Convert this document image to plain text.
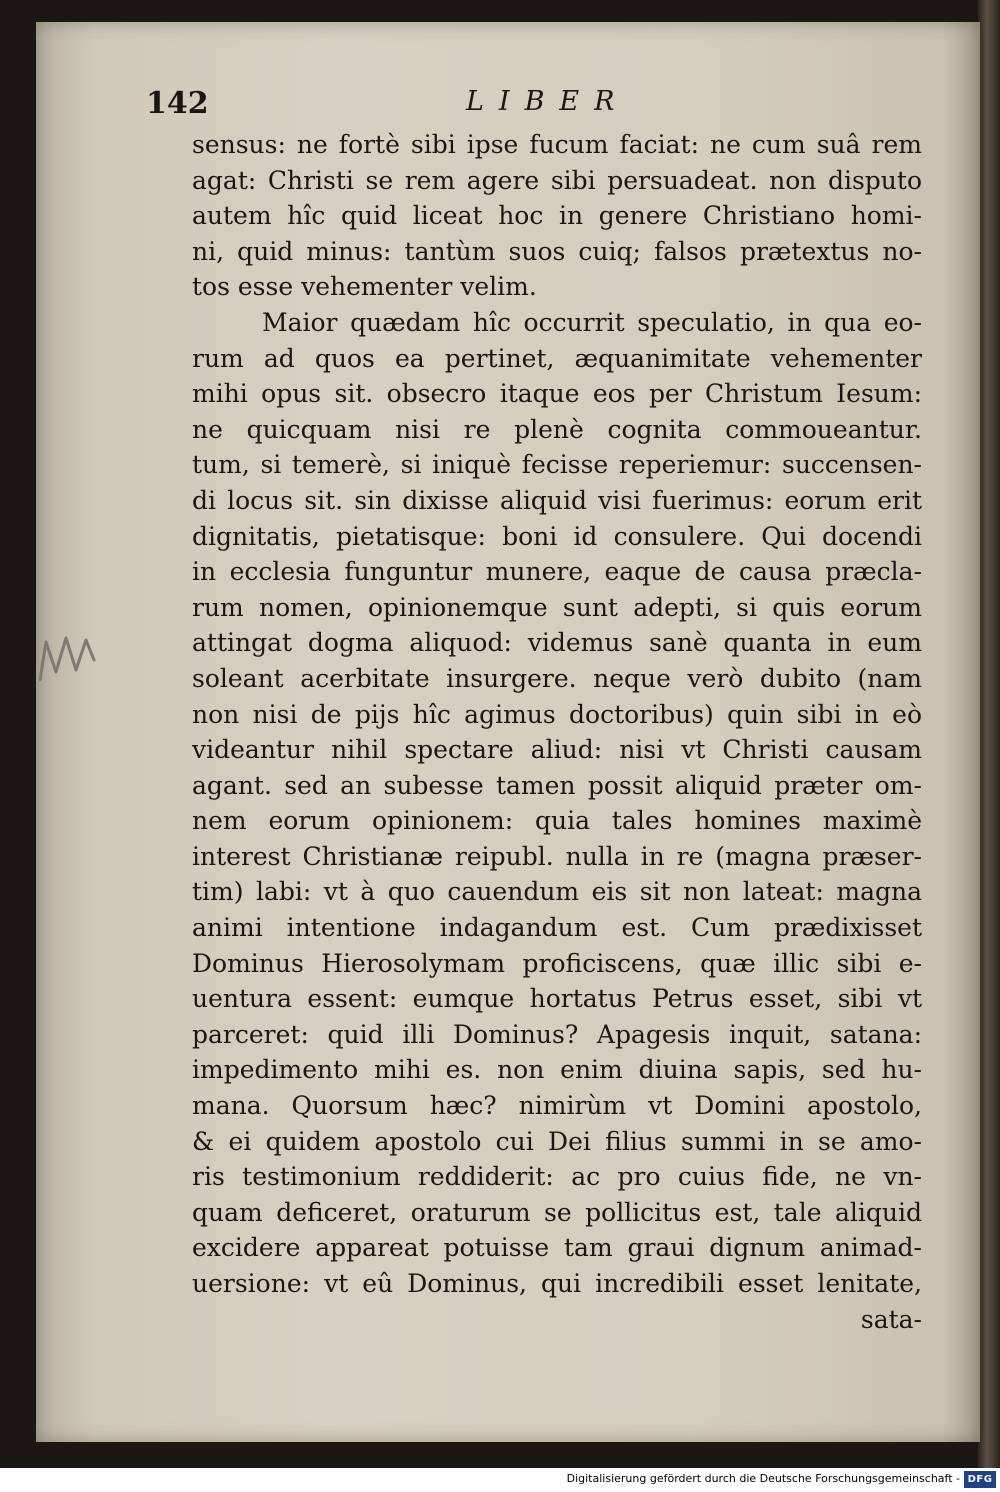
142	LIBER
sensus: ne fortè sibi ipse fucum faciat: ne cum suâ rem
agat: Christi se rem agere sibi persuadeat. non disputo
autem hîc quid liceat hoc in genere Christiano homi-
ni, quid minus: tantùm suos cuiq; falsos prætextus no-
tos esse vehementer velim.
Maior quædam hîc occurrit speculatio, in qua eo-
rum ad quos ea pertinet, æquanimitate vehementer
mihi opus sit. obsecro itaque eos per Christum Iesum:
ne quicquam nisi re plenè cognita commoueantur.
tum, si temerè, si iniquè fecisse reperiemur: succensen-
di locus sit. sin dixisse aliquid visi fuerimus: eorum erit
dignitatis, pietatisque: boni id consulere. Qui docendi
in ecclesia funguntur munere, eaque de causa præcla-
rum nomen, opinionemque sunt adepti, si quis eorum
attingat dogma aliquod: videmus sanè quanta in eum
soleant acerbitate insurgere. neque verò dubito (nam
non nisi de pijs hîc agimus doctoribus) quin sibi in eò
videantur nihil spectare aliud: nisi vt Christi causam
agant. sed an subesse tamen possit aliquid præter om-
nem eorum opinionem: quia tales homines maximè
interest Christianæ reipubl. nulla in re (magna præser-
tim) labi: vt à quo cauendum eis sit non lateat: magna
animi intentione indagandum est. Cum prædixisset
Dominus Hierosolymam proficiscens, quæ illic sibi e-
uentura essent: eumque hortatus Petrus esset, sibi vt
parceret: quid illi Dominus? Apagesis inquit, satana:
impedimento mihi es. non enim diuina sapis, sed hu-
mana. Quorsum hæc? nimirùm vt Domini apostolo,
& ei quidem apostolo cui Dei filius summi in se amo-
ris testimonium reddiderit: ac pro cuius fide, ne vn-
quam deficeret, oraturum se pollicitus est, tale aliquid
excidere appareat potuisse tam graui dignum animad-
uersione: vt eû Dominus, qui incredibili esset lenitate,
sata-
Digitalisierung gefördert durch die Deutsche Forschungsgemeinschaft - DFG
